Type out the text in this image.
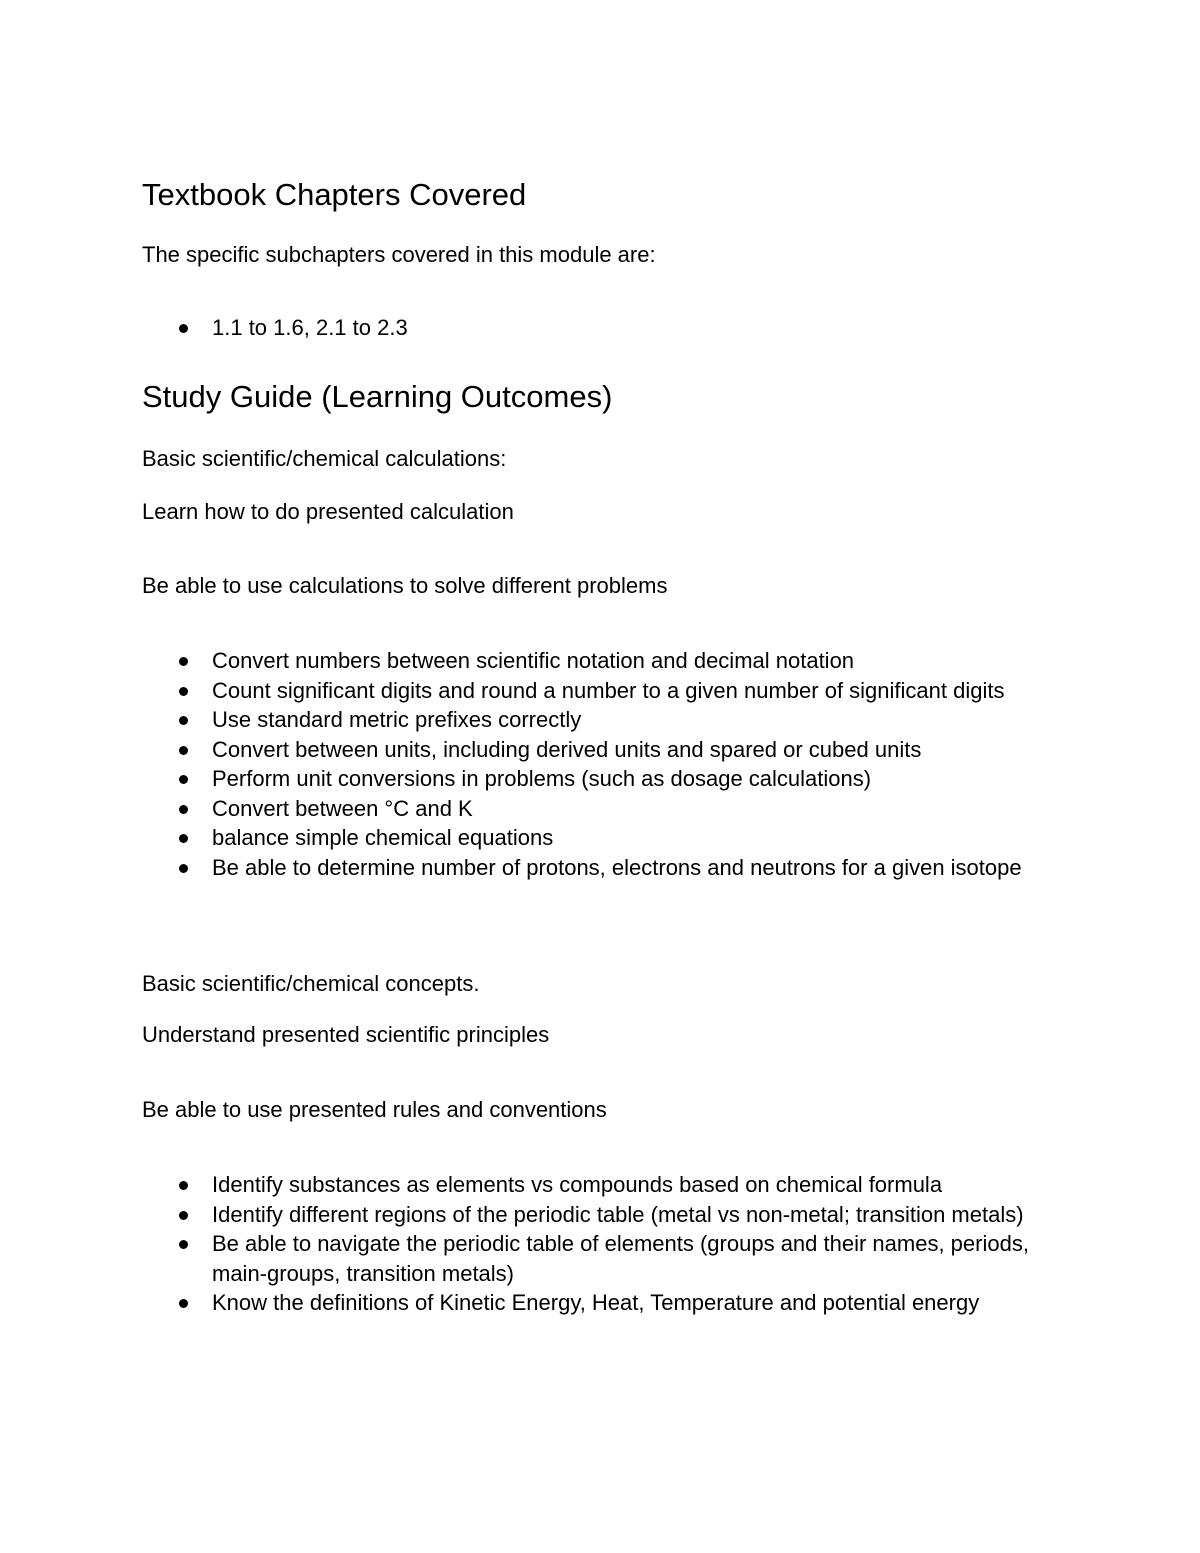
Textbook Chapters Covered

The specific subchapters covered in this module are:

1.1 to 1.6, 2.1 to 2.3
Study Guide (Learning Outcomes)

Basic scientific/chemical calculations:

Learn how to do presented calculation

Be able to use calculations to solve different problems

Convert numbers between scientific notation and decimal notation
Count significant digits and round a number to a given number of significant digits
Use standard metric prefixes correctly
Convert between units, including derived units and spared or cubed units
Perform unit conversions in problems (such as dosage calculations)
Convert between °C and K
balance simple chemical equations
Be able to determine number of protons, electrons and neutrons for a given isotope

Basic scientific/chemical concepts.

Understand presented scientific principles

Be able to use presented rules and conventions

Identify substances as elements vs compounds based on chemical formula
Identify different regions of the periodic table (metal vs non-metal; transition metals)
Be able to navigate the periodic table of elements (groups and their names, periods, main-groups, transition metals)
Know the definitions of Kinetic Energy, Heat, Temperature and potential energy
